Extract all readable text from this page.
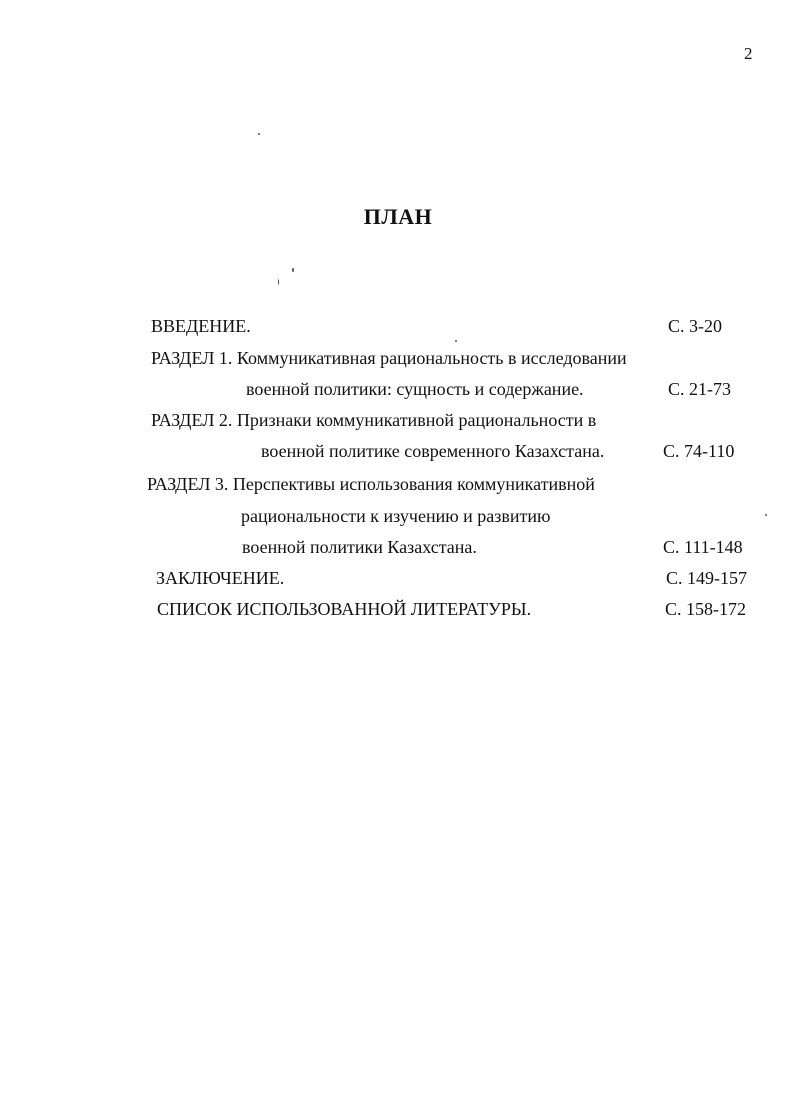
2
ПЛАН
ВВЕДЕНИЕ.	С. 3-20
РАЗДЕЛ 1. Коммуникативная рациональность в исследовании
военной политики: сущность и содержание.	С. 21-73
РАЗДЕЛ 2. Признаки коммуникативной рациональности в
военной политике современного Казахстана.	С. 74-110
РАЗДЕЛ 3. Перспективы использования коммуникативной
рациональности к изучению и развитию
военной политики Казахстана.	С. 111-148
ЗАКЛЮЧЕНИЕ.	С. 149-157
СПИСОК ИСПОЛЬЗОВАННОЙ ЛИТЕРАТУРЫ.	С. 158-172
